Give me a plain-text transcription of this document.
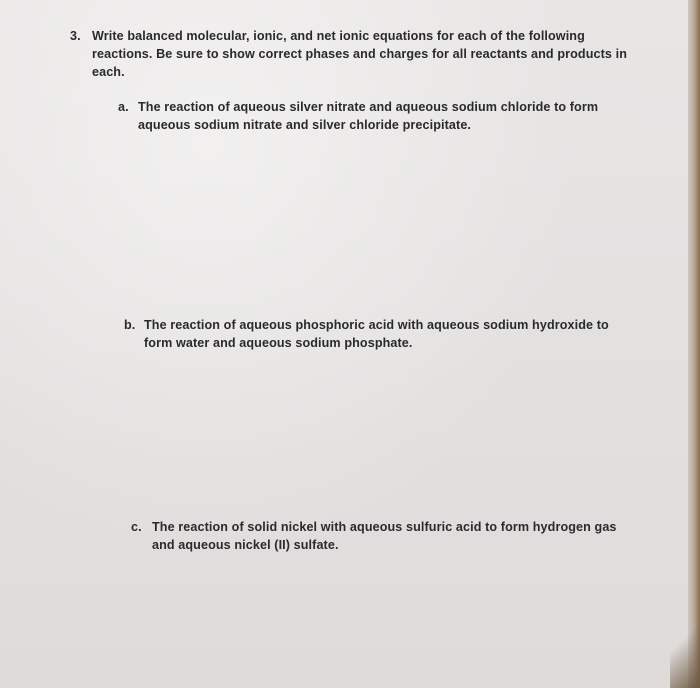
3. Write balanced molecular, ionic, and net ionic equations for each of the following reactions. Be sure to show correct phases and charges for all reactants and products in each.
a. The reaction of aqueous silver nitrate and aqueous sodium chloride to form aqueous sodium nitrate and silver chloride precipitate.
b. The reaction of aqueous phosphoric acid with aqueous sodium hydroxide to form water and aqueous sodium phosphate.
c. The reaction of solid nickel with aqueous sulfuric acid to form hydrogen gas and aqueous nickel (II) sulfate.
